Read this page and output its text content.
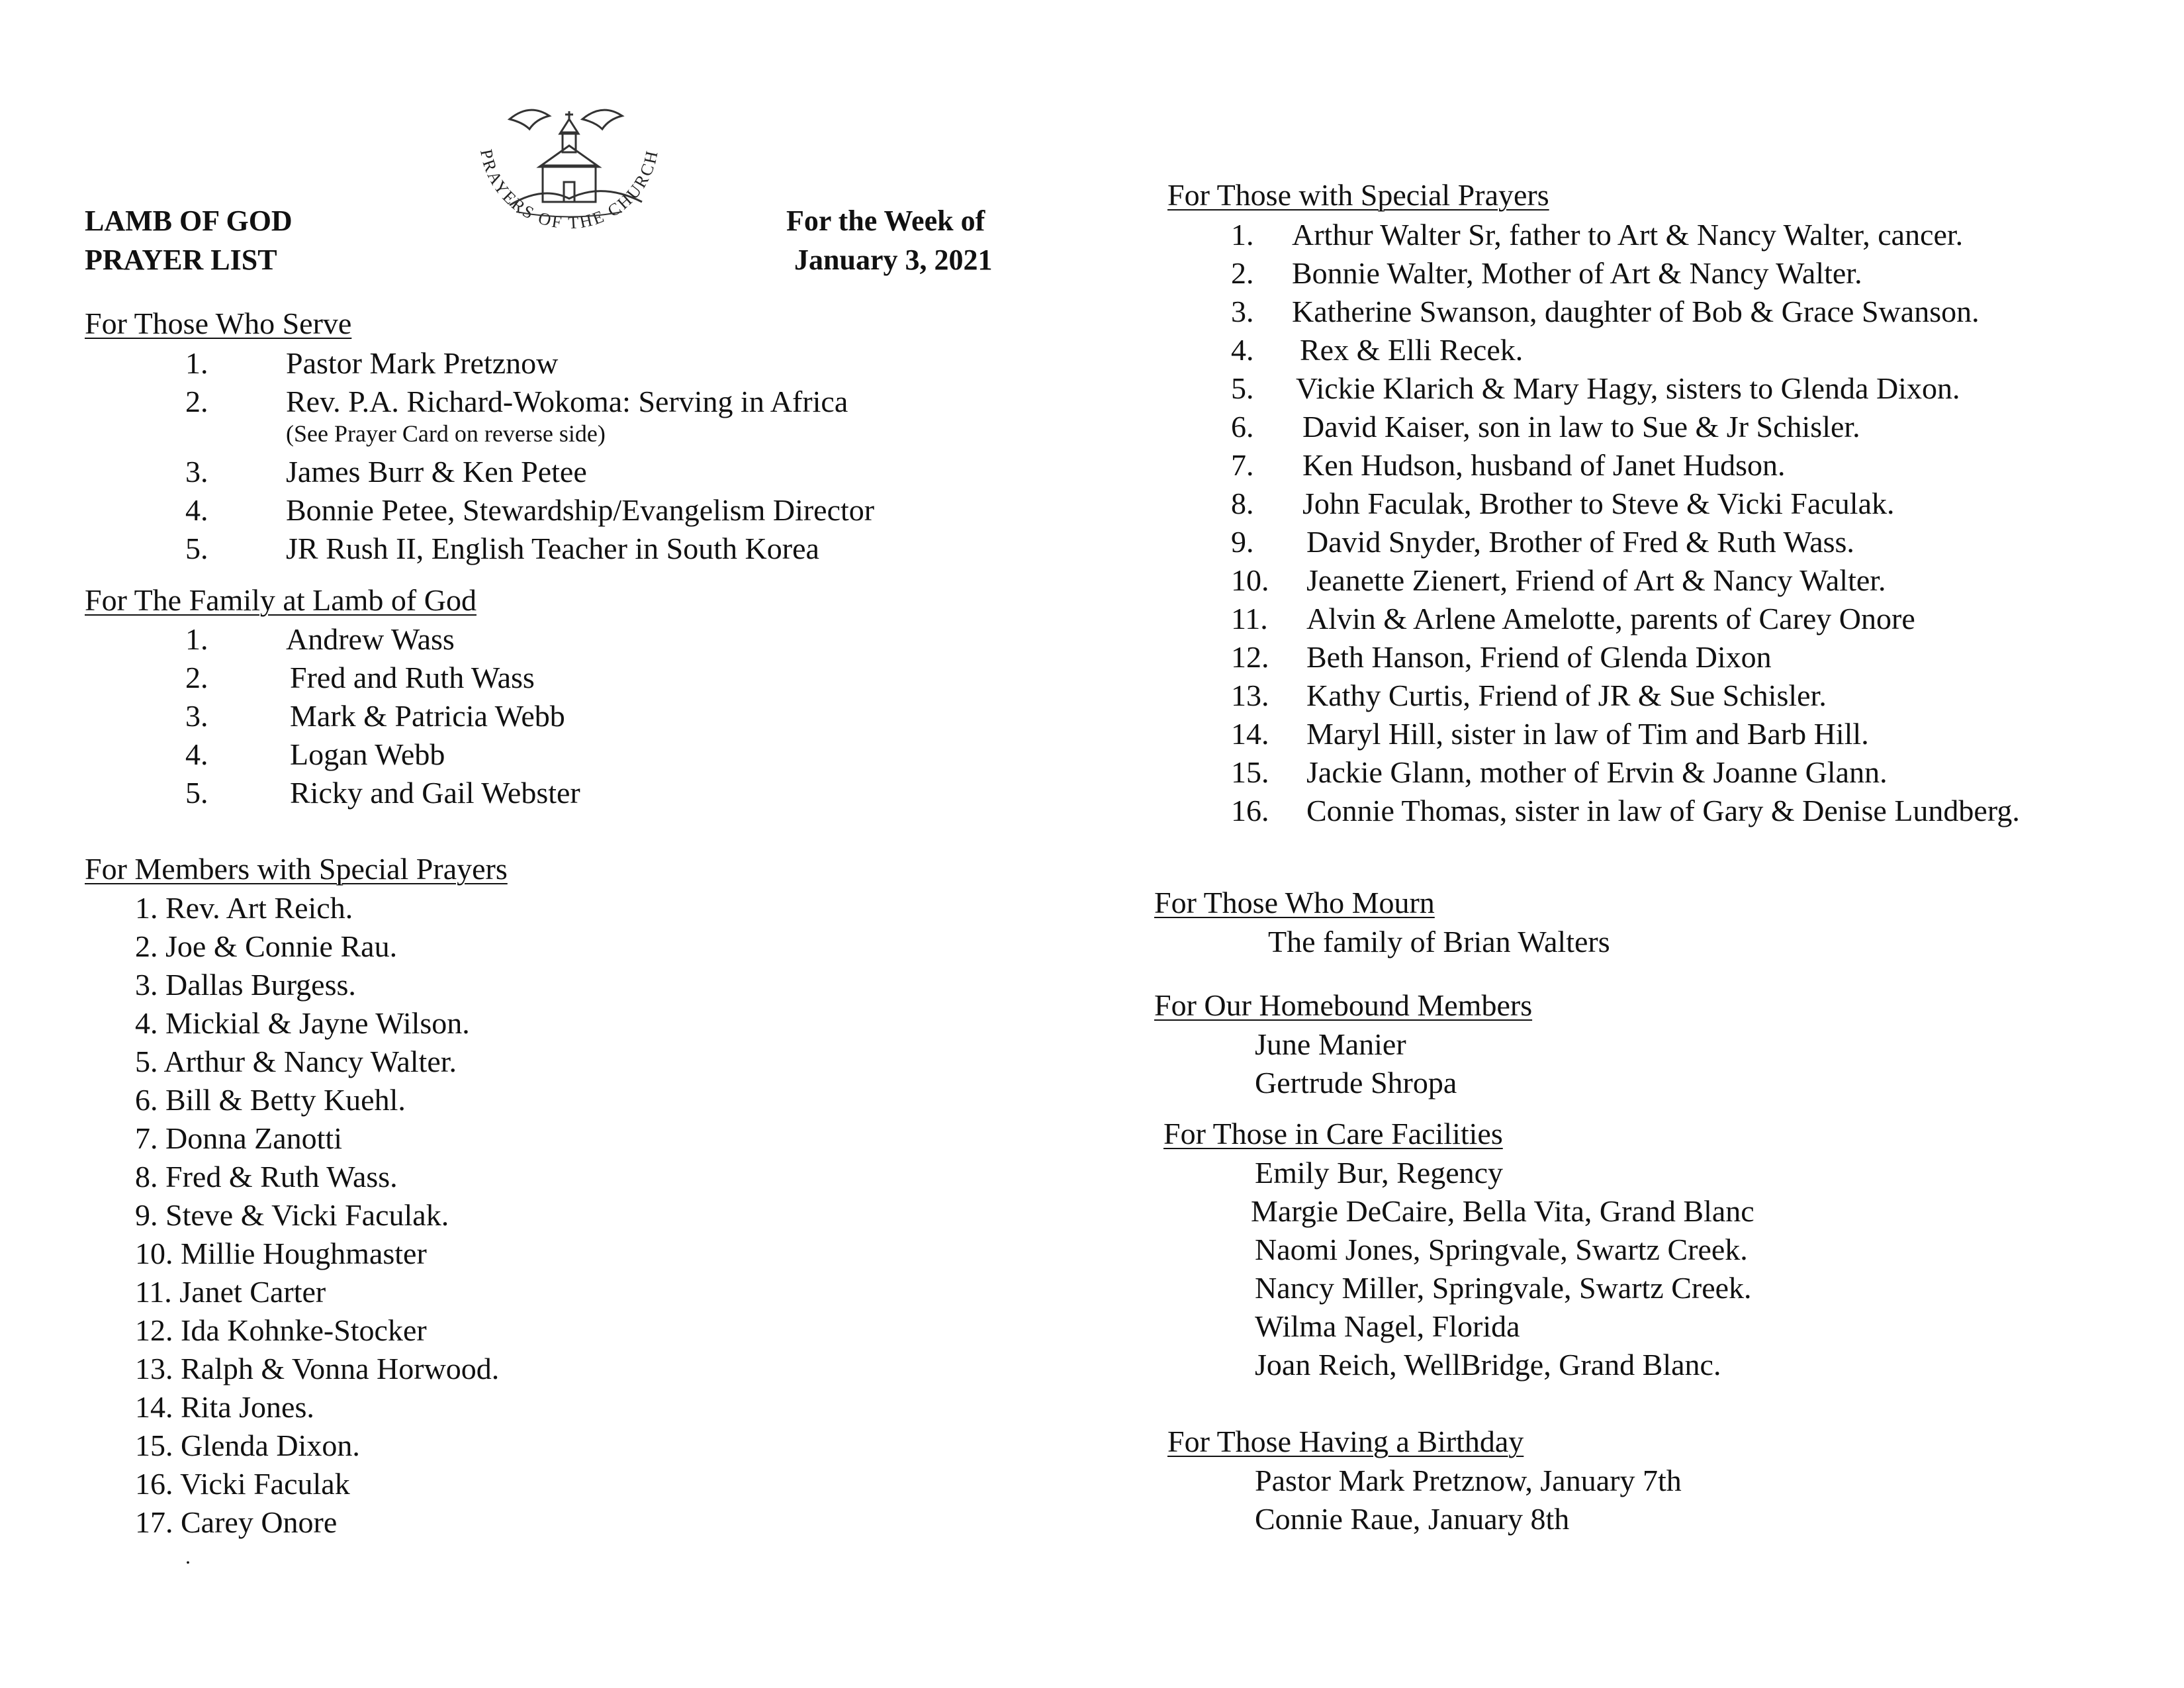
LAMB OF GOD
PRAYER LIST
For the Week of
January 3, 2021
PRAYERS OF THE CHURCH
For Those Who Serve
1.	Pastor Mark Pretznow
2.	Rev. P.A. Richard-Wokoma: Serving in Africa
(See Prayer Card on reverse side)
3.	James Burr & Ken Petee
4.	Bonnie Petee, Stewardship/Evangelism Director
5.	JR Rush II, English Teacher in South Korea
For The Family at Lamb of God
1.	Andrew Wass
2.	Fred and Ruth Wass
3.	Mark & Patricia Webb
4.	Logan Webb
5.	Ricky and Gail Webster
For Members with Special Prayers
1. Rev. Art Reich.
2. Joe & Connie Rau.
3. Dallas Burgess.
4. Mickial & Jayne Wilson.
5. Arthur & Nancy Walter.
6. Bill & Betty Kuehl.
7. Donna Zanotti
8. Fred & Ruth Wass.
9. Steve & Vicki Faculak.
10. Millie Houghmaster
11. Janet Carter
12. Ida Kohnke-Stocker
13. Ralph & Vonna Horwood.
14. Rita Jones.
15. Glenda Dixon.
16. Vicki Faculak
17. Carey Onore
.
For Those with Special Prayers
1. Arthur Walter Sr, father to Art & Nancy Walter, cancer.
2. Bonnie Walter, Mother of Art & Nancy Walter.
3. Katherine Swanson, daughter of Bob & Grace Swanson.
4. Rex & Elli Recek.
5. Vickie Klarich & Mary Hagy, sisters to Glenda Dixon.
6. David Kaiser, son in law to Sue & Jr Schisler.
7. Ken Hudson, husband of Janet Hudson.
8. John Faculak, Brother to Steve & Vicki Faculak.
9. David Snyder, Brother of Fred & Ruth Wass.
10. Jeanette Zienert, Friend of Art & Nancy Walter.
11. Alvin & Arlene Amelotte, parents of Carey Onore
12. Beth Hanson, Friend of Glenda Dixon
13. Kathy Curtis, Friend of JR & Sue Schisler.
14. Maryl Hill, sister in law of Tim and Barb Hill.
15. Jackie Glann, mother of Ervin & Joanne Glann.
16. Connie Thomas, sister in law of Gary & Denise Lundberg.
For Those Who Mourn
The family of Brian Walters
For Our Homebound Members
June Manier
Gertrude Shropa
For Those in Care Facilities
Emily Bur, Regency
Margie DeCaire, Bella Vita, Grand Blanc
Naomi Jones, Springvale, Swartz Creek.
Nancy Miller, Springvale, Swartz Creek.
Wilma Nagel, Florida
Joan Reich, WellBridge, Grand Blanc.
For Those Having a Birthday
Pastor Mark Pretznow, January 7th
Connie Raue, January 8th
